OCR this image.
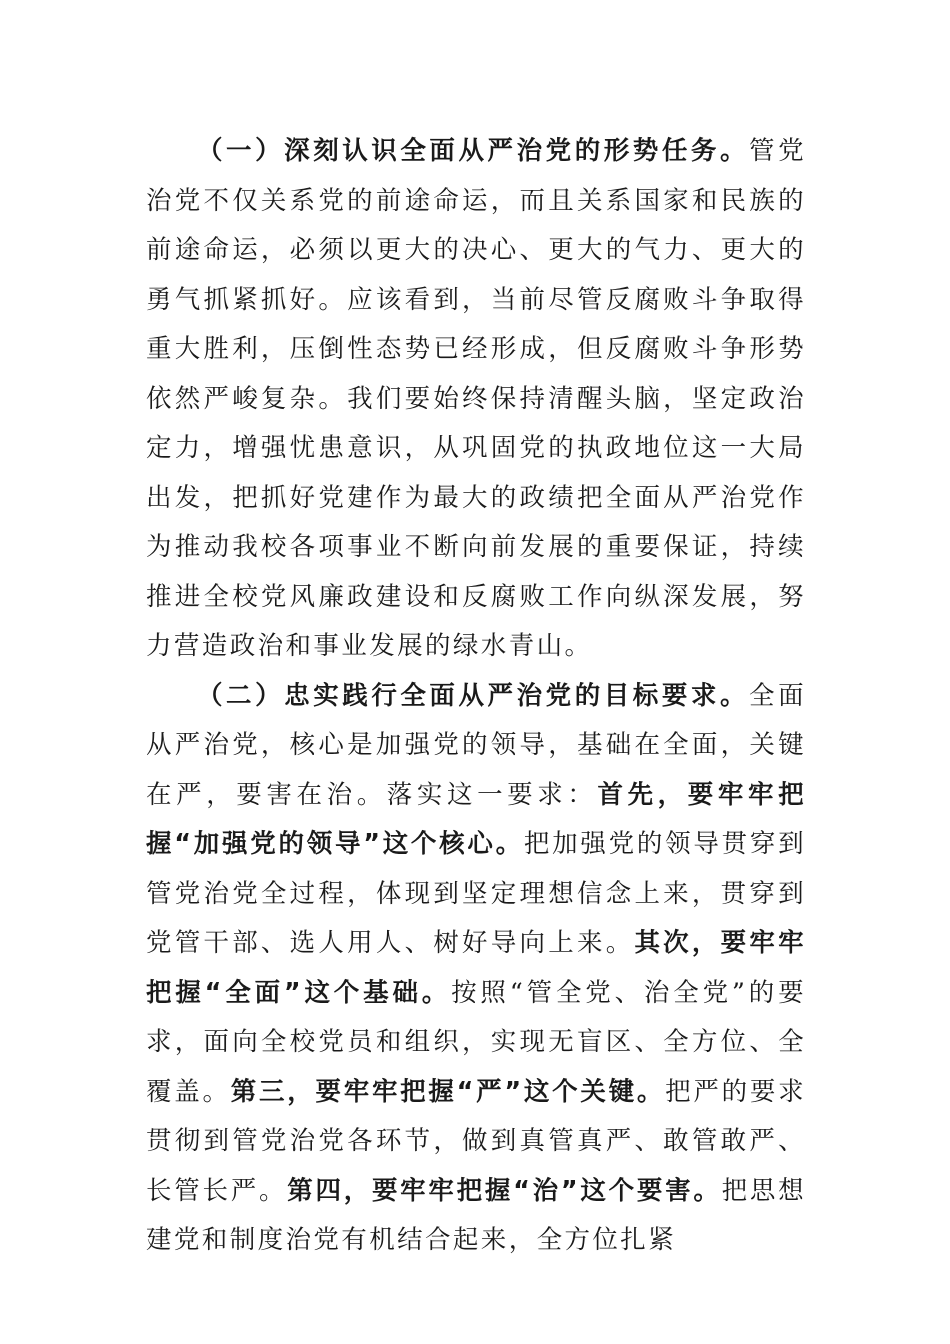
（一）深刻认识全面从严治党的形势任务。管党治党不仅关系党的前途命运，而且关系国家和民族的前途命运，必须以更大的决心、更大的气力、更大的勇气抓紧抓好。应该看到，当前尽管反腐败斗争取得重大胜利，压倒性态势已经形成，但反腐败斗争形势依然严峻复杂。我们要始终保持清醒头脑，坚定政治定力，增强忧患意识，从巩固党的执政地位这一大局出发，把抓好党建作为最大的政绩把全面从严治党作为推动我校各项事业不断向前发展的重要保证，持续推进全校党风廉政建设和反腐败工作向纵深发展，努力营造政治和事业发展的绿水青山。

（二）忠实践行全面从严治党的目标要求。全面从严治党，核心是加强党的领导，基础在全面，关键在严，要害在治。落实这一要求：首先，要牢牢把握“加强党的领导”这个核心。把加强党的领导贯穿到管党治党全过程，体现到坚定理想信念上来，贯穿到党管干部、选人用人、树好导向上来。其次，要牢牢把握“全面”这个基础。按照“管全党、治全党”的要求，面向全校党员和组织，实现无盲区、全方位、全覆盖。第三，要牢牢把握“严”这个关键。把严的要求贯彻到管党治党各环节，做到真管真严、敢管敢严、长管长严。第四，要牢牢把握“治”这个要害。把思想建党和制度治党有机结合起来，全方位扎紧
